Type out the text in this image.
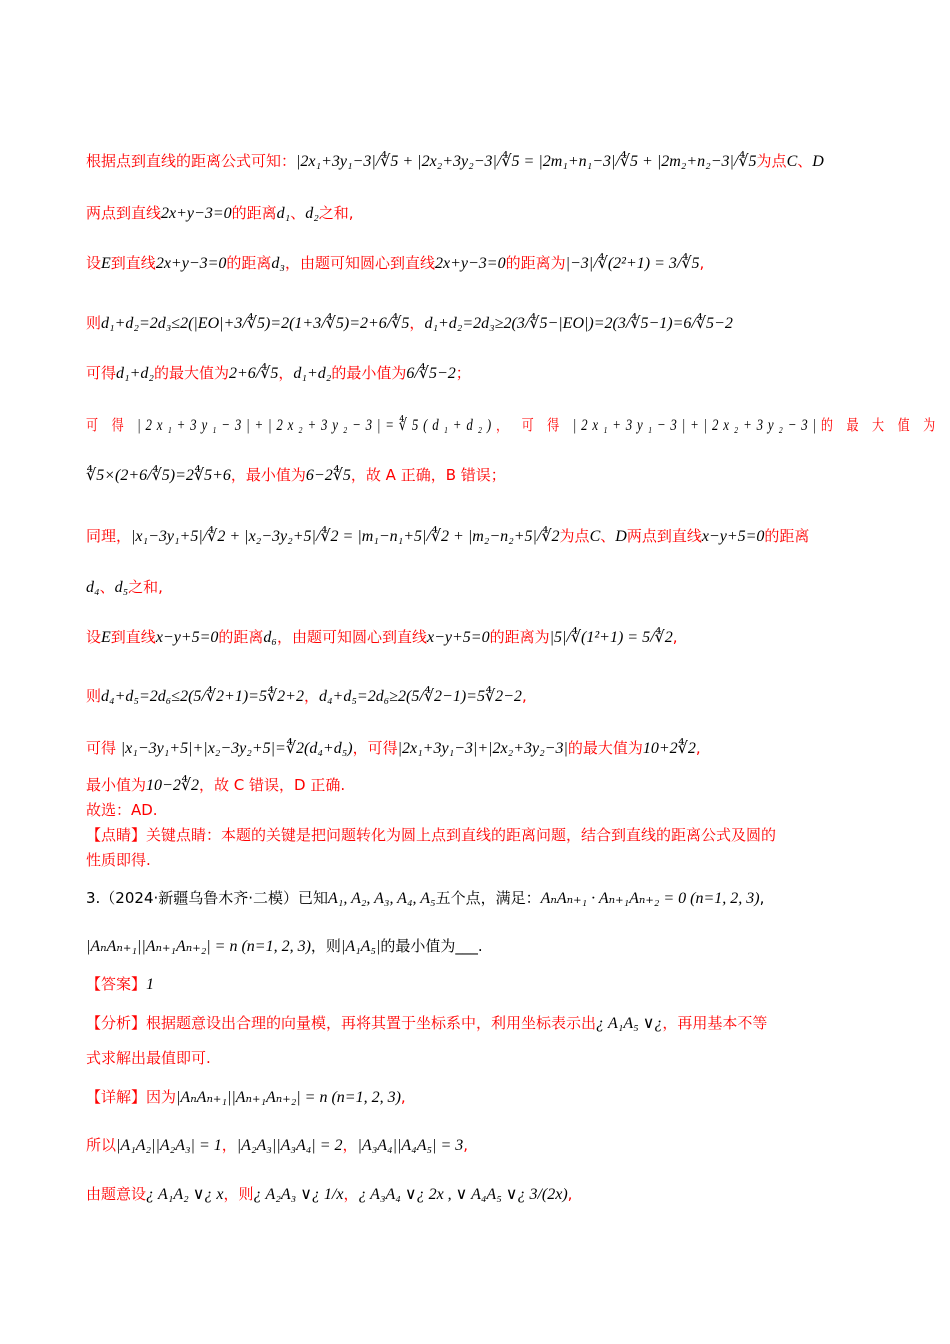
根据点到直线的距离公式可知：|2x₁+3y₁−3|/∜5 + |2x₂+3y₂−3|/∜5 = |2m₁+n₁−3|/∜5 + |2m₂+n₂−3|/∜5为点C、D
两点到直线2x+y−3=0的距离d₁、d₂之和,
设E到直线2x+y−3=0的距离d₃，由题可知圆心到直线2x+y−3=0的距离为|−3|/∜(2²+1) = 3/∜5,
则d₁+d₂=2d₃≤2(|EO|+3/∜5)=2(1+3/∜5)=2+6/∜5，d₁+d₂=2d₃≥2(3/∜5−|EO|)=2(3/∜5−1)=6/∜5−2
可得d₁+d₂的最大值为2+6/∜5，d₁+d₂的最小值为6/∜5−2；
可 得 |2x₁+3y₁−3|+|2x₂+3y₂−3|=∜5(d₁+d₂)， 可 得 |2x₁+3y₁−3|+|2x₂+3y₂−3|的 最 大 值 为
∜5×(2+6/∜5)=2∜5+6，最小值为6−2∜5，故 A 正确，B 错误；
同理，|x₁−3y₁+5|/∜2 + |x₂−3y₂+5|/∜2 = |m₁−n₁+5|/∜2 + |m₂−n₂+5|/∜2为点C、D两点到直线x−y+5=0的距离
d₄、d₅之和,
设E到直线x−y+5=0的距离d₆，由题可知圆心到直线x−y+5=0的距离为|5|/∜(1²+1) = 5/∜2,
则d₄+d₅=2d₆≤2(5/∜2+1)=5∜2+2，d₄+d₅=2d₆≥2(5/∜2−1)=5∜2−2,
可得 |x₁−3y₁+5|+|x₂−3y₂+5|=∜2(d₄+d₅)，可得|2x₁+3y₁−3|+|2x₂+3y₂−3|的最大值为10+2∜2,
最小值为10−2∜2，故 C 错误，D 正确.
故选：AD.
【点睛】关键点睛：本题的关键是把问题转化为圆上点到直线的距离问题，结合到直线的距离公式及圆的
性质即得.
3.（2024·新疆乌鲁木齐·二模）已知A₁, A₂, A₃, A₄, A₅五个点，满足：AₙAₙ₊₁ · Aₙ₊₁Aₙ₊₂ = 0 (n=1, 2, 3),
|AₙAₙ₊₁||Aₙ₊₁Aₙ₊₂| = n (n=1, 2, 3)，则|A₁A₅|的最小值为___.
【答案】1
【分析】根据题意设出合理的向量模，再将其置于坐标系中，利用坐标表示出¿ A₁A₅ ∨¿，再用基本不等
式求解出最值即可.
【详解】因为|AₙAₙ₊₁||Aₙ₊₁Aₙ₊₂| = n (n=1, 2, 3),
所以|A₁A₂||A₂A₃| = 1，|A₂A₃||A₃A₄| = 2，|A₃A₄||A₄A₅| = 3,
由题意设¿ A₁A₂ ∨¿ x，则¿ A₂A₃ ∨¿ 1/x，¿ A₃A₄ ∨¿ 2x , ∨ A₄A₅ ∨¿ 3/(2x),
